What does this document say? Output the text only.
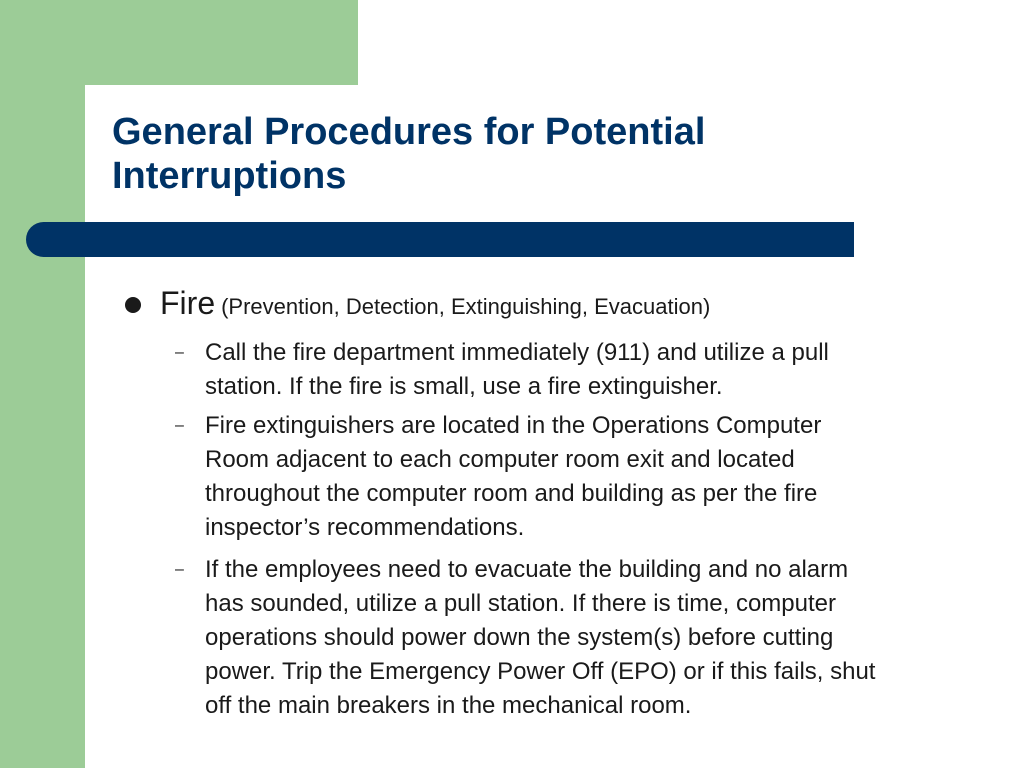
General Procedures for Potential
Interruptions
Fire (Prevention, Detection, Extinguishing, Evacuation)
– Call the fire department immediately (911) and utilize a pull
station. If the fire is small, use a fire extinguisher.
– Fire extinguishers are located in the Operations Computer
Room adjacent to each computer room exit and located
throughout the computer room and building as per the fire
inspector’s recommendations.
– If the employees need to evacuate the building and no alarm
has sounded, utilize a pull station. If there is time, computer
operations should power down the system(s) before cutting
power. Trip the Emergency Power Off (EPO) or if this fails, shut
off the main breakers in the mechanical room.
